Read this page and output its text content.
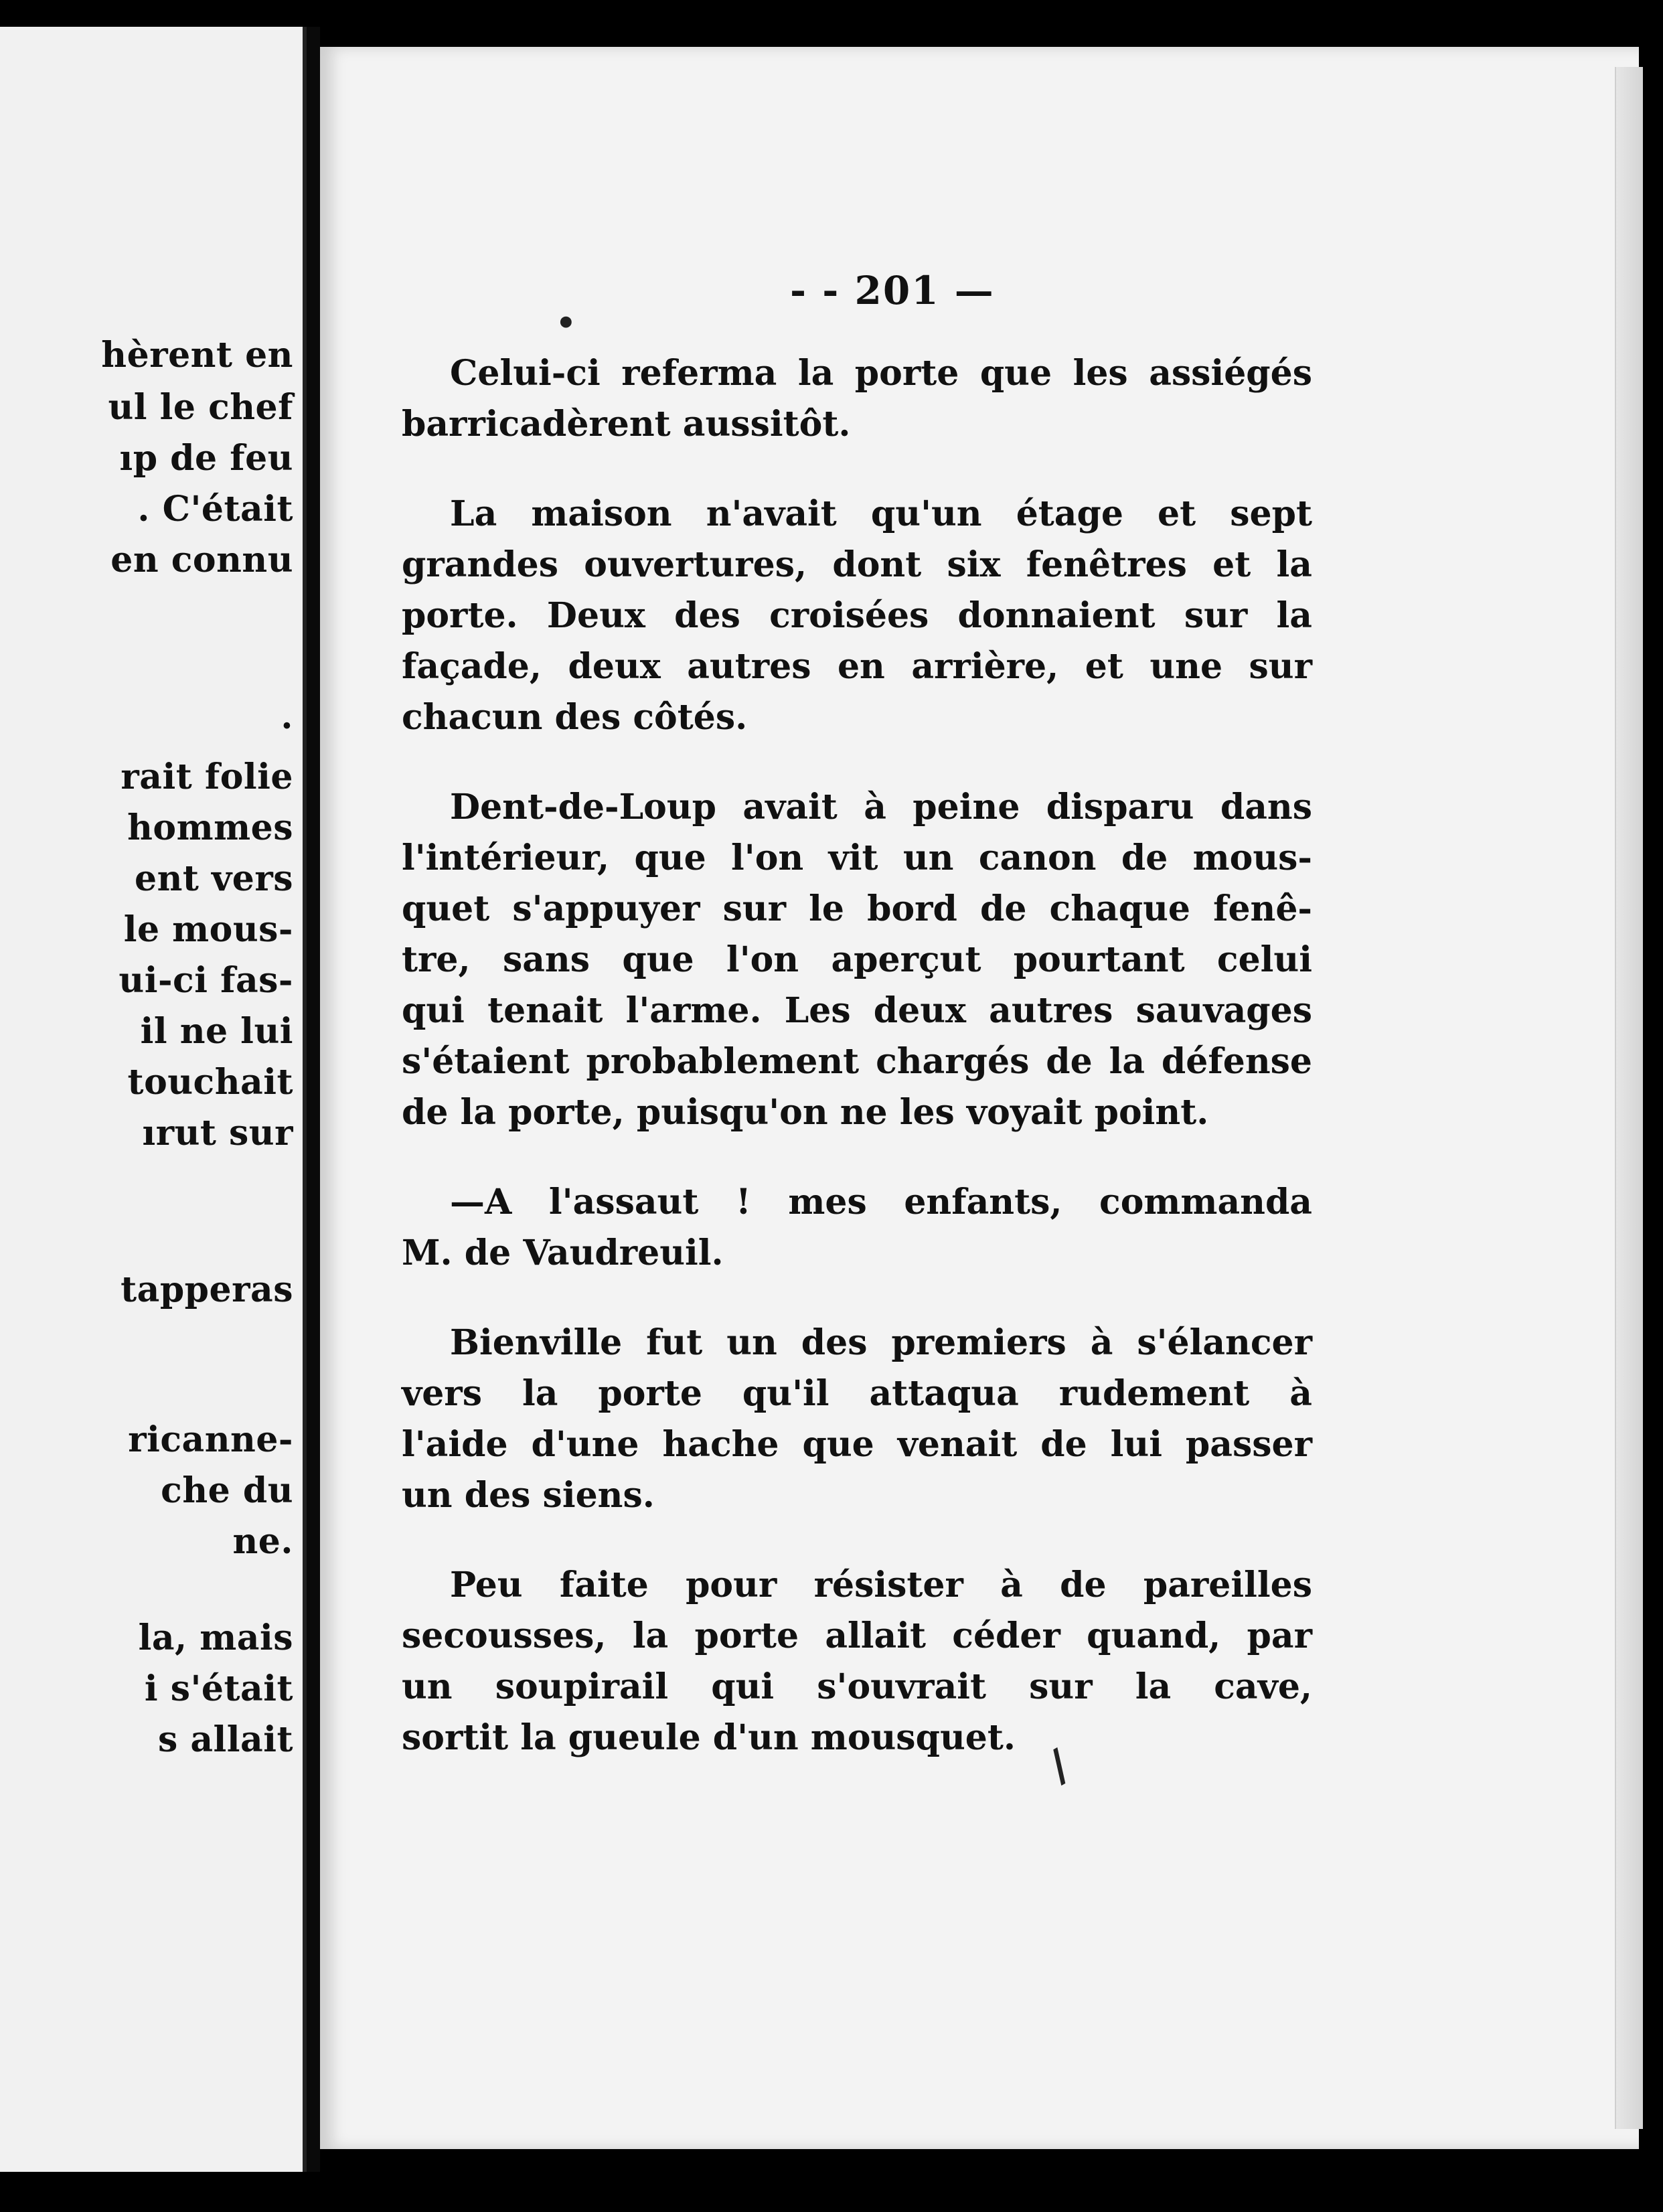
hèrent en
ul le chef
ıp de feu
. C'était
en connu
.
rait folie
hommes
ent vers
le mous-
ui-ci fas-
il ne lui
touchait
ırut sur
tapperas
ricanne-
che du
ne.
la, mais
i s'était
s allait
- - 201 —
•
/
Celui-ci referma la porte que les assiégés
barricadèrent aussitôt.
La maison n'avait qu'un étage et sept
grandes ouvertures, dont six fenêtres et la
porte. Deux des croisées donnaient sur la
façade, deux autres en arrière, et une sur
chacun des côtés.
Dent-de-Loup avait à peine disparu dans
l'intérieur, que l'on vit un canon de mous-
quet s'appuyer sur le bord de chaque fenê-
tre, sans que l'on aperçut pourtant celui
qui tenait l'arme. Les deux autres sauvages
s'étaient probablement chargés de la défense
de la porte, puisqu'on ne les voyait point.
—A l'assaut ! mes enfants, commanda
M. de Vaudreuil.
Bienville fut un des premiers à s'élancer
vers la porte qu'il attaqua rudement à
l'aide d'une hache que venait de lui passer
un des siens.
Peu faite pour résister à de pareilles
secousses, la porte allait céder quand, par
un soupirail qui s'ouvrait sur la cave,
sortit la gueule d'un mousquet.
